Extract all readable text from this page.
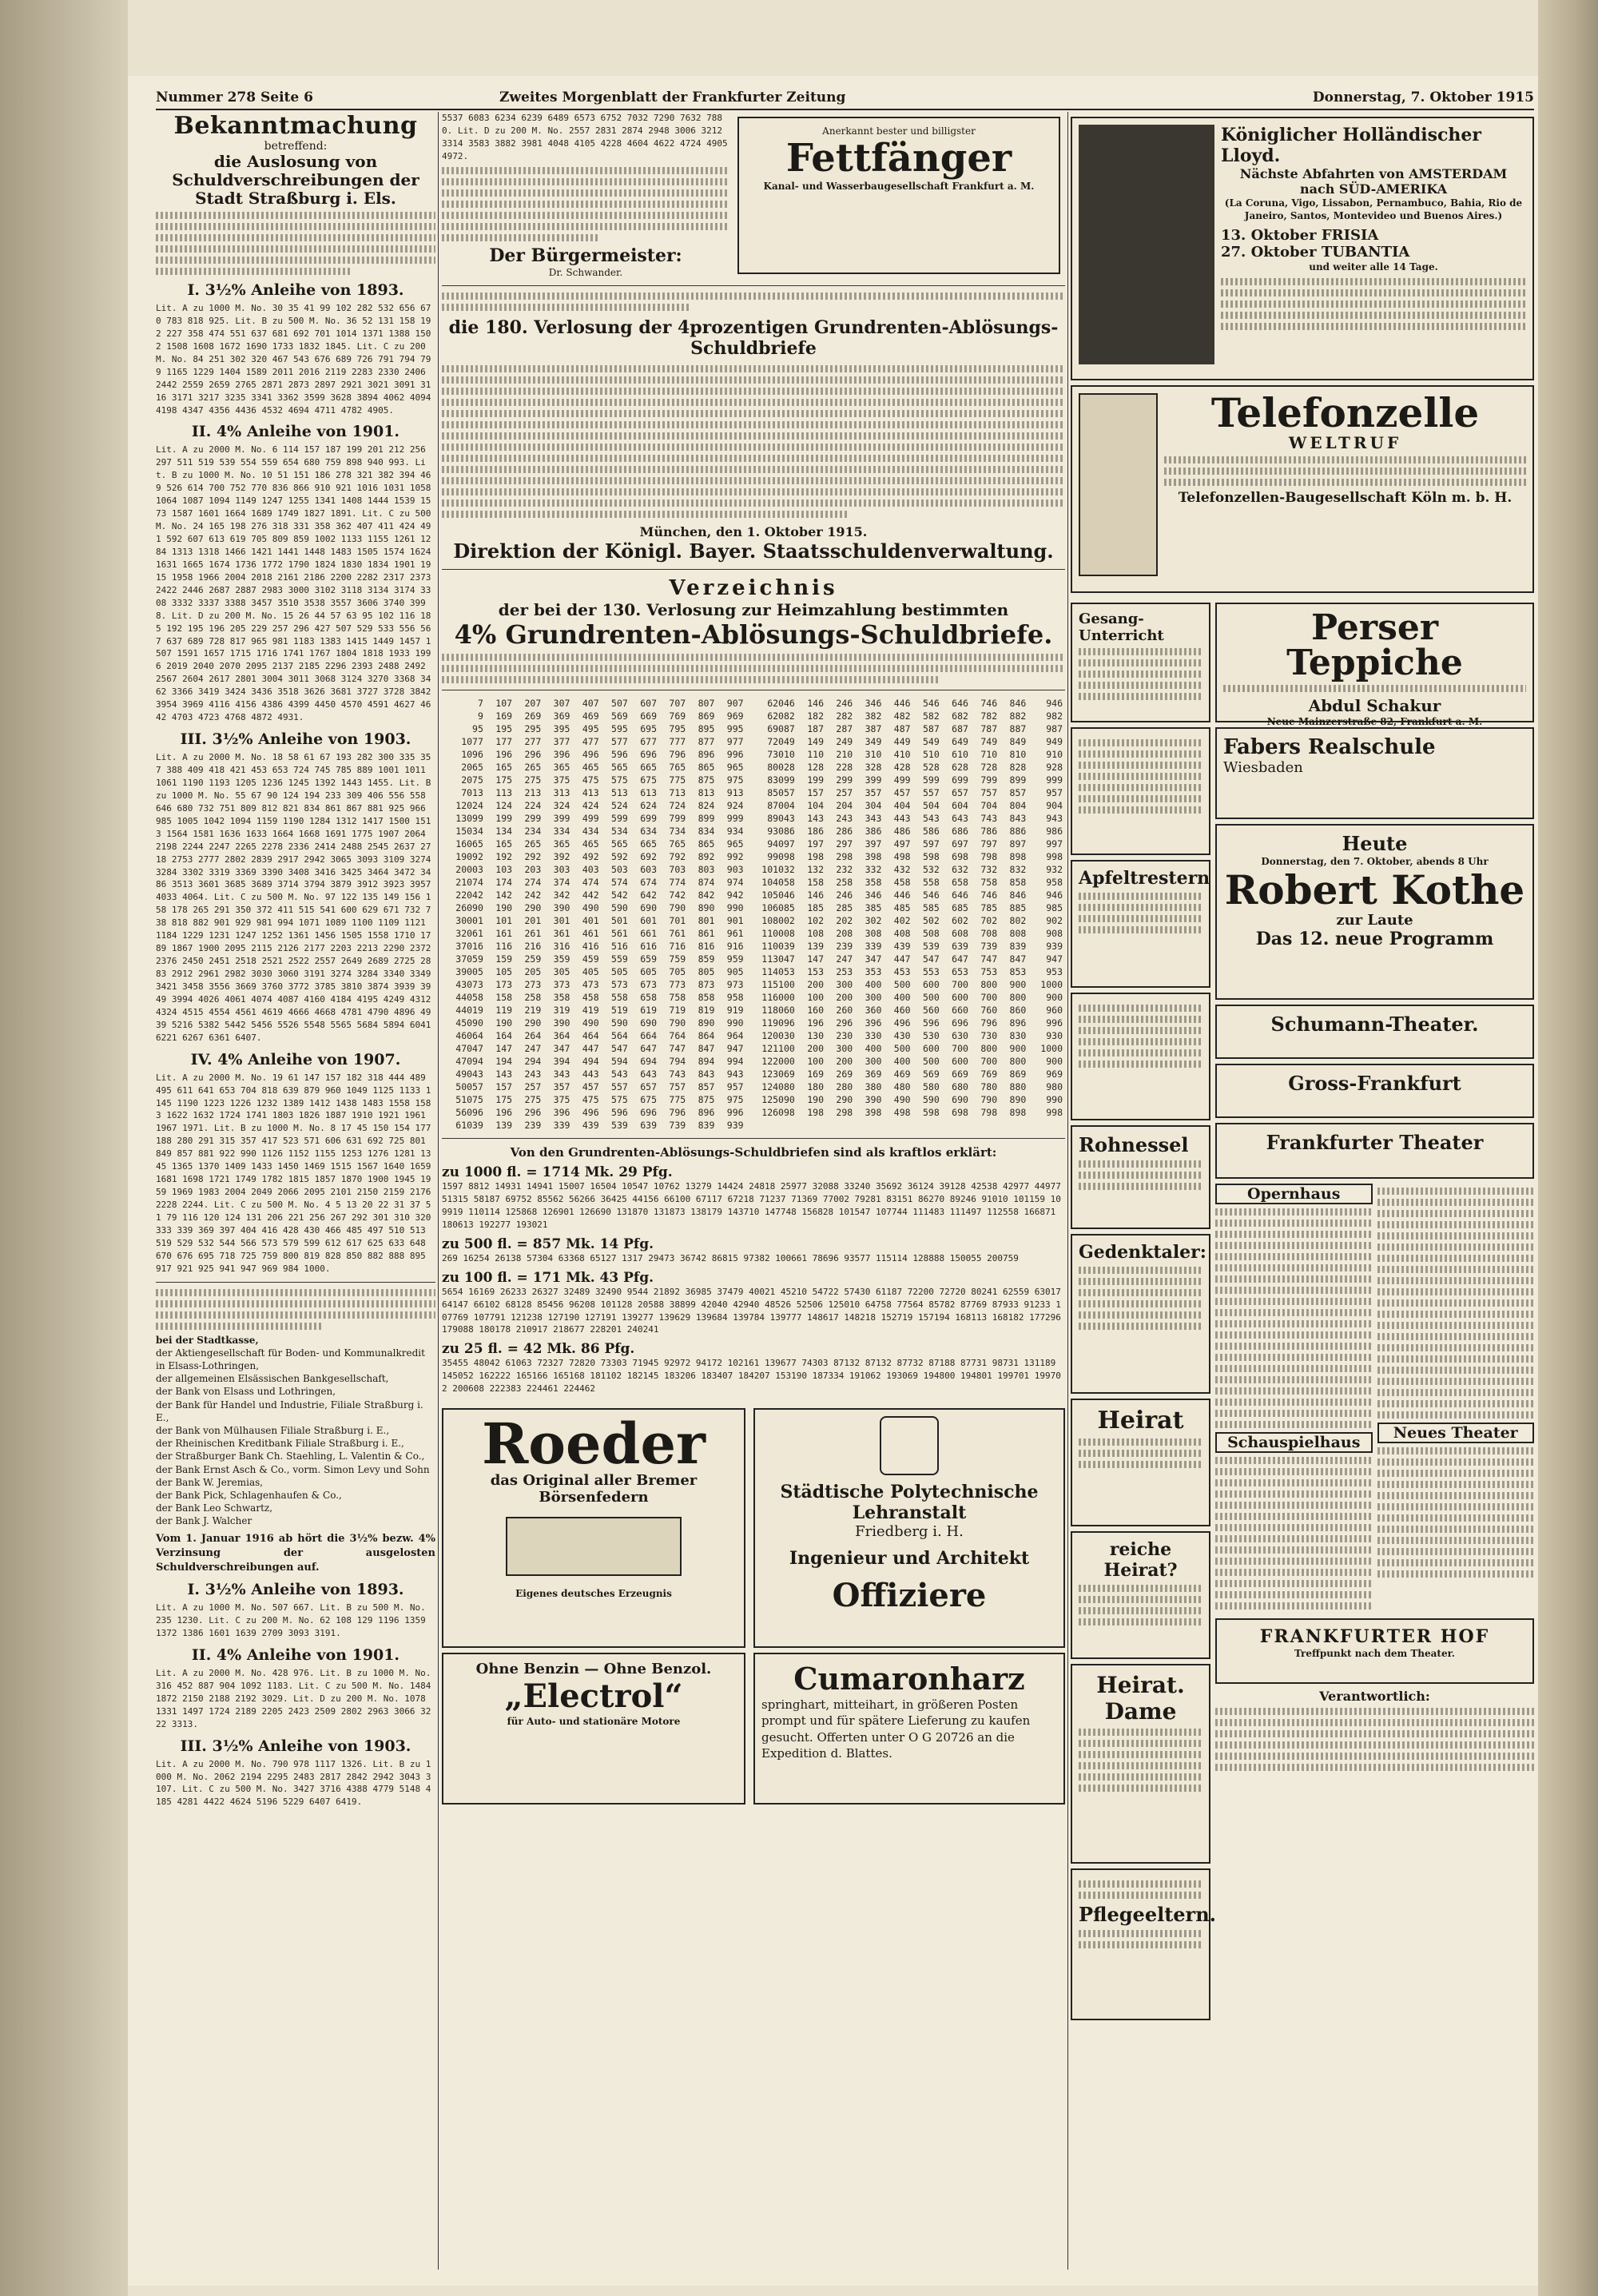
Nummer 278 Seite 6	Zweites Morgenblatt der Frankfurter Zeitung	Donnerstag, 7. Oktober 1915
Bekanntmachung
betreffend:
die Auslosung von Schuldverschreibungen der Stadt Straßburg i. Els.
I. 3½% Anleihe von 1893.
Lit. A zu 1000 M. No. 30 35 41 99 102 282 532 656 670 783 818 925. Lit. B zu 500 M. No. 36 52 131 158 192 227 358 474 551 637 681 692 701 1014 1371 1388 1502 1508 1608 1672 1690 1733 1832 1845. Lit. C zu 200 M. No. 84 251 302 320 467 543 676 689 726 791 794 799 1165 1229 1404 1589 2011 2016 2119 2283 2330 2406 2442 2559 2659 2765 2871 2873 2897 2921 3021 3091 3116 3171 3217 3235 3341 3362 3599 3628 3894 4062 4094 4198 4347 4356 4436 4532 4694 4711 4782 4905.
II. 4% Anleihe von 1901.
Lit. A zu 2000 M. No. 6 114 157 187 199 201 212 256 297 511 519 539 554 559 654 680 759 898 940 993. Lit. B zu 1000 M. No. 10 51 151 186 278 321 382 394 469 526 614 700 752 770 836 866 910 921 1016 1031 1058 1064 1087 1094 1149 1247 1255 1341 1408 1444 1539 1573 1587 1601 1664 1689 1749 1827 1891. Lit. C zu 500 M. No. 24 165 198 276 318 331 358 362 407 411 424 491 592 607 613 619 705 809 859 1002 1133 1155 1261 1284 1313 1318 1466 1421 1441 1448 1483 1505 1574 1624 1631 1665 1674 1736 1772 1790 1824 1830 1834 1901 1915 1958 1966 2004 2018 2161 2186 2200 2282 2317 2373 2422 2446 2687 2887 2983 3000 3102 3118 3134 3174 3308 3332 3337 3388 3457 3510 3538 3557 3606 3740 3998. Lit. D zu 200 M. No. 15 26 44 57 63 95 102 116 185 192 195 196 205 229 257 296 427 507 529 533 556 567 637 689 728 817 965 981 1183 1383 1415 1449 1457 1507 1591 1657 1715 1716 1741 1767 1804 1818 1933 1996 2019 2040 2070 2095 2137 2185 2296 2393 2488 2492 2567 2604 2617 2801 3004 3011 3068 3124 3270 3368 3462 3366 3419 3424 3436 3518 3626 3681 3727 3728 3842 3954 3969 4116 4156 4386 4399 4450 4570 4591 4627 4642 4703 4723 4768 4872 4931.
III. 3½% Anleihe von 1903.
Lit. A zu 2000 M. No. 18 58 61 67 193 282 300 335 357 388 409 418 421 453 653 724 745 785 889 1001 1011 1061 1190 1193 1205 1236 1245 1392 1443 1455. Lit. B zu 1000 M. No. 55 67 90 124 194 233 309 406 556 558 646 680 732 751 809 812 821 834 861 867 881 925 966 985 1005 1042 1094 1159 1190 1284 1312 1417 1500 1513 1564 1581 1636 1633 1664 1668 1691 1775 1907 2064 2198 2244 2247 2265 2278 2336 2414 2488 2545 2637 2718 2753 2777 2802 2839 2917 2942 3065 3093 3109 3274 3284 3302 3319 3369 3390 3408 3416 3425 3464 3472 3486 3513 3601 3685 3689 3714 3794 3879 3912 3923 3957 4033 4064. Lit. C zu 500 M. No. 97 122 135 149 156 158 178 265 291 350 372 411 515 541 600 629 671 732 738 818 882 901 929 981 994 1071 1089 1100 1109 1121 1184 1229 1231 1247 1252 1361 1456 1505 1558 1710 1789 1867 1900 2095 2115 2126 2177 2203 2213 2290 2372 2376 2450 2451 2518 2521 2522 2557 2649 2689 2725 2883 2912 2961 2982 3030 3060 3191 3274 3284 3340 3349 3421 3458 3556 3669 3760 3772 3785 3810 3874 3939 3949 3994 4026 4061 4074 4087 4160 4184 4195 4249 4312 4324 4515 4554 4561 4619 4666 4668 4781 4790 4896 4939 5216 5382 5442 5456 5526 5548 5565 5684 5894 6041 6221 6267 6361 6407.
IV. 4% Anleihe von 1907.
Lit. A zu 2000 M. No. 19 61 147 157 182 318 444 489 495 611 641 653 704 818 639 879 960 1049 1125 1133 1145 1190 1223 1226 1232 1389 1412 1438 1483 1558 1583 1622 1632 1724 1741 1803 1826 1887 1910 1921 1961 1967 1971. Lit. B zu 1000 M. No. 8 17 45 150 154 177 188 280 291 315 357 417 523 571 606 631 692 725 801 849 857 881 922 990 1126 1152 1155 1253 1276 1281 1345 1365 1370 1409 1433 1450 1469 1515 1567 1640 1659 1681 1698 1721 1749 1782 1815 1857 1870 1900 1945 1959 1969 1983 2004 2049 2066 2095 2101 2150 2159 2176 2228 2244. Lit. C zu 500 M. No. 4 5 13 20 22 31 37 51 79 116 120 124 131 206 221 256 267 292 301 310 320 333 339 369 397 404 416 428 430 466 485 497 510 513 519 529 532 544 566 573 579 599 612 617 625 633 648 670 676 695 718 725 759 800 819 828 850 882 888 895 917 921 925 941 947 969 984 1000.
bei der Stadtkasse,
der Aktiengesellschaft für Boden- und Kommunalkredit in Elsass-Lothringen,
der allgemeinen Elsässischen Bankgesellschaft,
der Bank von Elsass und Lothringen,
der Bank für Handel und Industrie, Filiale Straßburg i. E.,
der Bank von Mülhausen Filiale Straßburg i. E.,
der Rheinischen Kreditbank Filiale Straßburg i. E.,
der Straßburger Bank Ch. Staehling, L. Valentin & Co.,
der Bank Ernst Asch & Co., vorm. Simon Levy und Sohn
der Bank W. Jeremias,
der Bank Pick, Schlagenhaufen & Co.,
der Bank Leo Schwartz,
der Bank J. Walcher
Vom 1. Januar 1916 ab hört die 3½% bezw. 4% Verzinsung der ausgelosten Schuldverschreibungen auf.
I. 3½% Anleihe von 1893.
Lit. A zu 1000 M. No. 507 667. Lit. B zu 500 M. No. 235 1230. Lit. C zu 200 M. No. 62 108 129 1196 1359 1372 1386 1601 1639 2709 3093 3191.
II. 4% Anleihe von 1901.
Lit. A zu 2000 M. No. 428 976. Lit. B zu 1000 M. No. 316 452 887 904 1092 1183. Lit. C zu 500 M. No. 1484 1872 2150 2188 2192 3029. Lit. D zu 200 M. No. 1078 1331 1497 1724 2189 2205 2423 2509 2802 2963 3066 3222 3313.
III. 3½% Anleihe von 1903.
Lit. A zu 2000 M. No. 790 978 1117 1326. Lit. B zu 1000 M. No. 2062 2194 2295 2483 2817 2842 2942 3043 3107. Lit. C zu 500 M. No. 3427 3716 4388 4779 5148 4185 4281 4422 4624 5196 5229 6407 6419.
5537 6083 6234 6239 6489 6573 6752 7032 7290 7632 7880. Lit. D zu 200 M. No. 2557 2831 2874 2948 3006 3212 3314 3583 3882 3981 4048 4105 4228 4604 4622 4724 4905 4972.
Der Bürgermeister:
Dr. Schwander.
Anerkannt bester und billigster
Fettfänger
Kanal- und Wasserbaugesellschaft Frankfurt a. M.
die 180. Verlosung der 4prozentigen Grundrenten-Ablösungs-Schuldbriefe
München, den 1. Oktober 1915.
Direktion der Königl. Bayer. Staatsschuldenverwaltung.
Verzeichnis
der bei der 130. Verlosung zur Heimzahlung bestimmten
4% Grundrenten-Ablösungs-Schuldbriefe.
7	107	207	307	407	507	607	707	807	907	62046	146	246	346	446	546	646	746	846	946
9	169	269	369	469	569	669	769	869	969	62082	182	282	382	482	582	682	782	882	982
95	195	295	395	495	595	695	795	895	995	69087	187	287	387	487	587	687	787	887	987
1077	177	277	377	477	577	677	777	877	977	72049	149	249	349	449	549	649	749	849	949
1096	196	296	396	496	596	696	796	896	996	73010	110	210	310	410	510	610	710	810	910
2065	165	265	365	465	565	665	765	865	965	80028	128	228	328	428	528	628	728	828	928
2075	175	275	375	475	575	675	775	875	975	83099	199	299	399	499	599	699	799	899	999
7013	113	213	313	413	513	613	713	813	913	85057	157	257	357	457	557	657	757	857	957
12024	124	224	324	424	524	624	724	824	924	87004	104	204	304	404	504	604	704	804	904
13099	199	299	399	499	599	699	799	899	999	89043	143	243	343	443	543	643	743	843	943
15034	134	234	334	434	534	634	734	834	934	93086	186	286	386	486	586	686	786	886	986
16065	165	265	365	465	565	665	765	865	965	94097	197	297	397	497	597	697	797	897	997
19092	192	292	392	492	592	692	792	892	992	99098	198	298	398	498	598	698	798	898	998
20003	103	203	303	403	503	603	703	803	903	101032	132	232	332	432	532	632	732	832	932
21074	174	274	374	474	574	674	774	874	974	104058	158	258	358	458	558	658	758	858	958
22042	142	242	342	442	542	642	742	842	942	105046	146	246	346	446	546	646	746	846	946
26090	190	290	390	490	590	690	790	890	990	106085	185	285	385	485	585	685	785	885	985
30001	101	201	301	401	501	601	701	801	901	108002	102	202	302	402	502	602	702	802	902
32061	161	261	361	461	561	661	761	861	961	110008	108	208	308	408	508	608	708	808	908
37016	116	216	316	416	516	616	716	816	916	110039	139	239	339	439	539	639	739	839	939
37059	159	259	359	459	559	659	759	859	959	113047	147	247	347	447	547	647	747	847	947
39005	105	205	305	405	505	605	705	805	905	114053	153	253	353	453	553	653	753	853	953
43073	173	273	373	473	573	673	773	873	973	115100	200	300	400	500	600	700	800	900	1000
44058	158	258	358	458	558	658	758	858	958	116000	100	200	300	400	500	600	700	800	900
44019	119	219	319	419	519	619	719	819	919	118060	160	260	360	460	560	660	760	860	960
45090	190	290	390	490	590	690	790	890	990	119096	196	296	396	496	596	696	796	896	996
46064	164	264	364	464	564	664	764	864	964	120030	130	230	330	430	530	630	730	830	930
47047	147	247	347	447	547	647	747	847	947	121100	200	300	400	500	600	700	800	900	1000
47094	194	294	394	494	594	694	794	894	994	122000	100	200	300	400	500	600	700	800	900
49043	143	243	343	443	543	643	743	843	943	123069	169	269	369	469	569	669	769	869	969
50057	157	257	357	457	557	657	757	857	957	124080	180	280	380	480	580	680	780	880	980
51075	175	275	375	475	575	675	775	875	975	125090	190	290	390	490	590	690	790	890	990
56096	196	296	396	496	596	696	796	896	996	126098	198	298	398	498	598	698	798	898	998
61039	139	239	339	439	539	639	739	839	939										
Von den Grundrenten-Ablösungs-Schuldbriefen sind als kraftlos erklärt:
zu 1000 fl. = 1714 Mk. 29 Pfg.
1597 8812 14931 14941 15007 16504 10547 10762 13279 14424 24818 25977 32088 33240 35692 36124 39128 42538 42977 44977 51315 58187 69752 85562 56266 36425 44156 66100 67117 67218 71237 71369 77002 79281 83151 86270 89246 91010 101159 109919 110114 125868 126901 126690 131870 131873 138179 143710 147748 156828 101547 107744 111483 111497 112558 166871 180613 192277 193021
zu 500 fl. = 857 Mk. 14 Pfg.
269 16254 26138 57304 63368 65127 1317 29473 36742 86815 97382 100661 78696 93577 115114 128888 150055 200759
zu 100 fl. = 171 Mk. 43 Pfg.
5654 16169 26233 26327 32489 32490 9544 21892 36985 37479 40021 45210 54722 57430 61187 72200 72720 80241 62559 63017 64147 66102 68128 85456 96208 101128 20588 38899 42040 42940 48526 52506 125010 64758 77564 85782 87769 87933 91233 107769 107791 121238 127190 127191 139277 139629 139684 139784 139777 148617 148218 152719 157194 168113 168182 177296 179088 180178 210917 218677 228201 240241
zu 25 fl. = 42 Mk. 86 Pfg.
35455 48042 61063 72327 72820 73303 71945 92972 94172 102161 139677 74303 87132 87132 87732 87188 87731 98731 131189 145052 162222 165166 165168 181102 182145 183206 183407 184207 153190 187334 191062 193069 194800 194801 199701 199702 200608 222383 224461 224462
Roeder
das Original aller Bremer Börsenfedern
Eigenes deutsches Erzeugnis
Ohne Benzin — Ohne Benzol.
„Electrol“
für Auto- und stationäre Motore
Städtische Polytechnische Lehranstalt
Friedberg i. H.
Ingenieur und Architekt
Offiziere
Cumaronharz
springhart, mitteihart, in größeren Posten prompt und für spätere Lieferung zu kaufen gesucht. Offerten unter O G 20726 an die Expedition d. Blattes.
Königlicher Holländischer Lloyd.
Nächste Abfahrten von AMSTERDAM nach SÜD-AMERIKA
(La Coruna, Vigo, Lissabon, Pernambuco, Bahia, Rio de Janeiro, Santos, Montevideo und Buenos Aires.)
13. Oktober FRISIA
27. Oktober TUBANTIA
und weiter alle 14 Tage.
Telefonzelle
WELTRUF
Telefonzellen-Baugesellschaft Köln m. b. H.
Gesang-Unterricht
Apfeltrestern
Rohnessel
Gedenktaler:
Heirat
reiche Heirat?
Heirat.
Dame
Pflegeeltern.
Perser Teppiche
Abdul Schakur
Neue Mainzerstraße 82, Frankfurt a. M.
Fabers Realschule
Wiesbaden
Heute
Donnerstag, den 7. Oktober, abends 8 Uhr
Robert Kothe
zur Laute
Das 12. neue Programm
Schumann-Theater.
Gross-Frankfurt
Frankfurter Theater
Opernhaus
Schauspielhaus
Neues Theater
FRANKFURTER HOF
Treffpunkt nach dem Theater.
Verantwortlich:
